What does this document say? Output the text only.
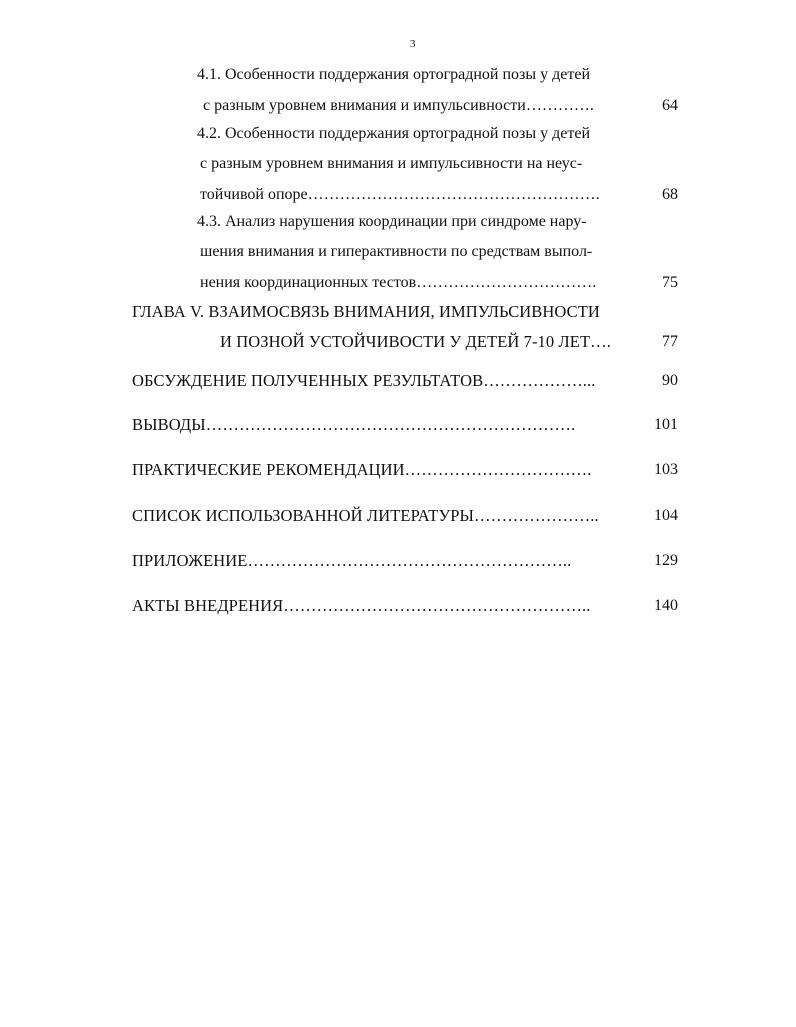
3
4.1. Особенности поддержания ортоградной позы у детей
с разным уровнем внимания и импульсивности………….	64
4.2. Особенности поддержания ортоградной позы у детей
с разным уровнем внимания и импульсивности на неус-
тойчивой опоре……………………………………………….	68
4.3. Анализ нарушения координации при синдроме нару-
шения внимания и гиперактивности по средствам выпол-
нения координационных тестов…………………………….	75
ГЛАВА V. ВЗАИМОСВЯЗЬ ВНИМАНИЯ, ИМПУЛЬСИВНОСТИ
И ПОЗНОЙ УСТОЙЧИВОСТИ У ДЕТЕЙ 7-10 ЛЕТ….	77
ОБСУЖДЕНИЕ ПОЛУЧЕННЫХ РЕЗУЛЬТАТОВ………………...	90
ВЫВОДЫ………………………………………………………….	101
ПРАКТИЧЕСКИЕ РЕКОМЕНДАЦИИ…………………………….	103
СПИСОК ИСПОЛЬЗОВАННОЙ ЛИТЕРАТУРЫ…………………..	104
ПРИЛОЖЕНИЕ…………………………………………………..	129
АКТЫ ВНЕДРЕНИЯ………………………………………………..	140
